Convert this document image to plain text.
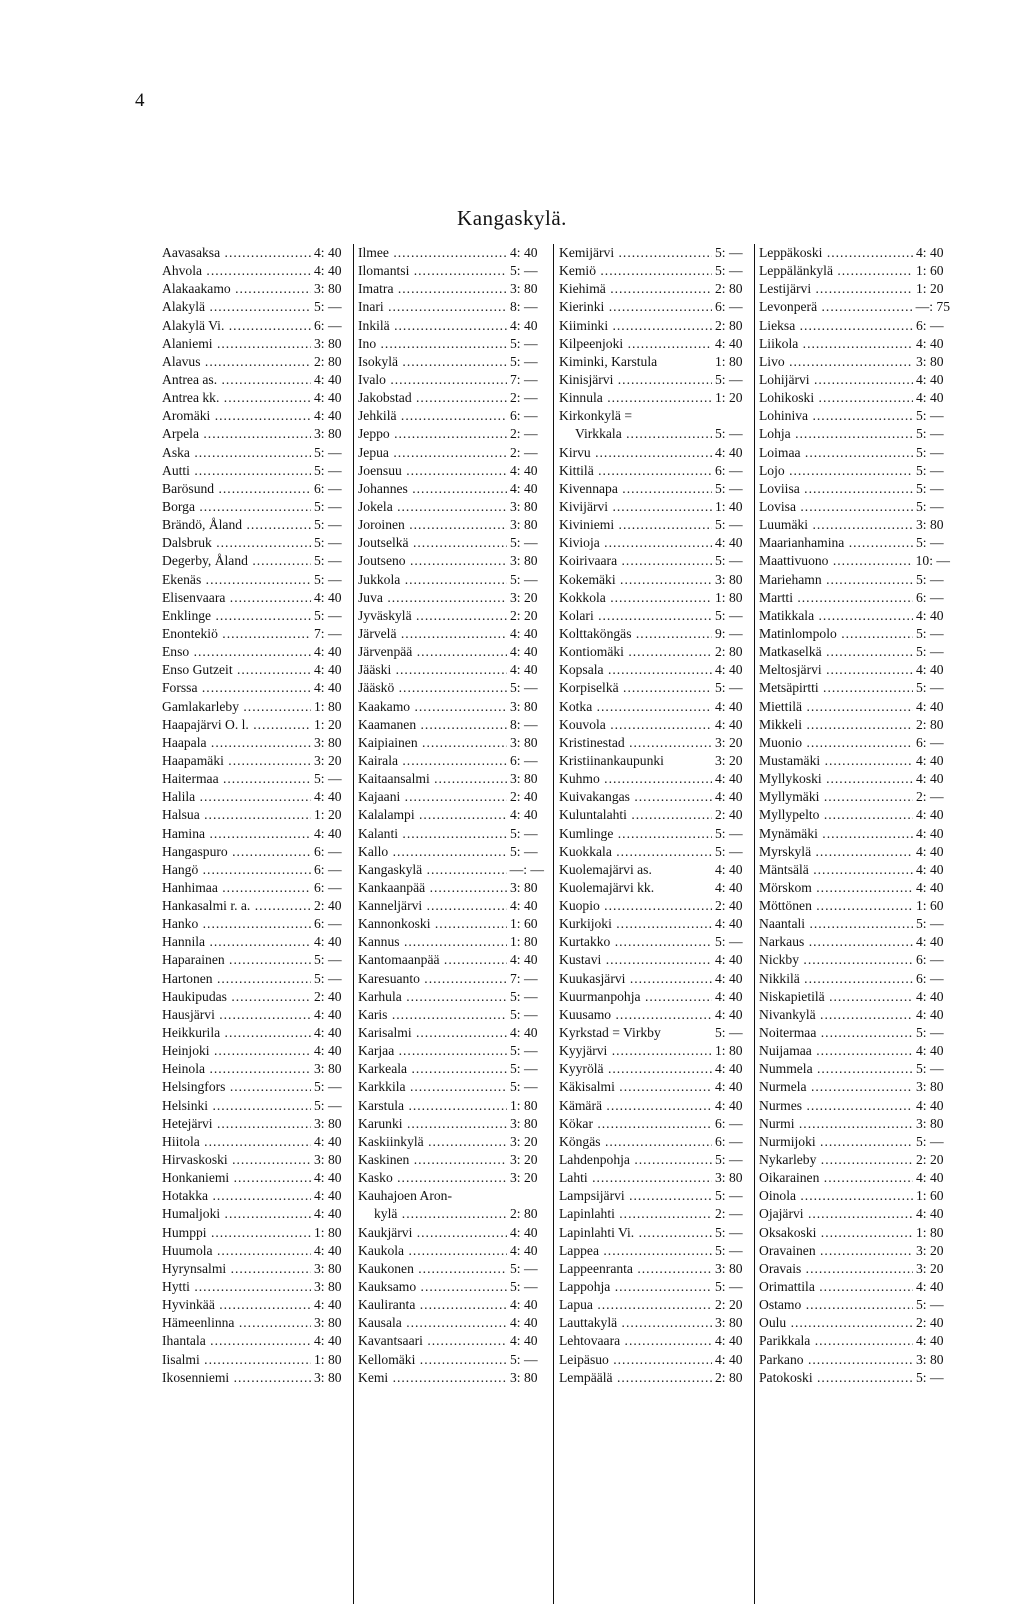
4
Kangaskylä.
Aavasaksa .....	4: 40
Ahvola .....	4: 40
Alakaakamo .....	3: 80
Alakylä .....	5: —
Alakylä Vi. .....	6: —
Alaniemi .....	3: 80
Alavus .....	2: 80
Antrea as. .....	4: 40
Antrea kk. .....	4: 40
Aromäki .....	4: 40
Arpela .....	3: 80
Aska .....	5: —
Autti .....	5: —
Barösund .....	6: —
Borga .....	5: —
Brändö, Åland .....	5: —
Dalsbruk .....	5: —
Degerby, Åland .....	5: —
Ekenäs .....	5: —
Elisenvaara .....	4: 40
Enklinge .....	5: —
Enontekiö .....	7: —
Enso .....	4: 40
Enso Gutzeit .....	4: 40
Forssa .....	4: 40
Gamlakarleby .....	1: 80
Haapajärvi O. l. .....	1: 20
Haapala .....	3: 80
Haapamäki .....	3: 20
Haitermaa .....	5: —
Halila .....	4: 40
Halsua .....	1: 20
Hamina .....	4: 40
Hangaspuro .....	6: —
Hangö .....	6: —
Hanhimaa .....	6: —
Hankasalmi r. a. .....	2: 40
Hanko .....	6: —
Hannila .....	4: 40
Haparainen .....	5: —
Hartonen .....	5: —
Haukipudas .....	2: 40
Hausjärvi .....	4: 40
Heikkurila .....	4: 40
Heinjoki .....	4: 40
Heinola .....	3: 80
Helsingfors .....	5: —
Helsinki .....	5: —
Hetejärvi .....	3: 80
Hiitola .....	4: 40
Hirvaskoski .....	3: 80
Honkaniemi .....	4: 40
Hotakka .....	4: 40
Humaljoki .....	4: 40
Humppi .....	1: 80
Huumola .....	4: 40
Hyrynsalmi .....	3: 80
Hytti .....	3: 80
Hyvinkää .....	4: 40
Hämeenlinna .....	3: 80
Ihantala .....	4: 40
Iisalmi .....	1: 80
Ikosenniemi .....	3: 80
Ilmee .....	4: 40
Ilomantsi .....	5: —
Imatra .....	3: 80
Inari .....	8: —
Inkilä .....	4: 40
Ino .....	5: —
Isokylä .....	5: —
Ivalo .....	7: —
Jakobstad .....	2: —
Jehkilä .....	6: —
Jeppo .....	2: —
Jepua .....	2: —
Joensuu .....	4: 40
Johannes .....	4: 40
Jokela .....	3: 80
Joroinen .....	3: 80
Joutselkä .....	5: —
Joutseno .....	3: 80
Jukkola .....	5: —
Juva .....	3: 20
Jyväskylä .....	2: 20
Järvelä .....	4: 40
Järvenpää .....	4: 40
Jääski .....	4: 40
Jääskö .....	5: —
Kaakamo .....	3: 80
Kaamanen .....	8: —
Kaipiainen .....	3: 80
Kairala .....	6: —
Kaitaansalmi .....	3: 80
Kajaani .....	2: 40
Kalalampi .....	4: 40
Kalanti .....	5: —
Kallo .....	5: —
Kangaskylä .....	—: —
Kankaanpää .....	3: 80
Kanneljärvi .....	4: 40
Kannonkoski .....	1: 60
Kannus .....	1: 80
Kantomaanpää .....	4: 40
Karesuanto .....	7: —
Karhula .....	5: —
Karis .....	5: —
Karisalmi .....	4: 40
Karjaa .....	5: —
Karkeala .....	5: —
Karkkila .....	5: —
Karstula .....	1: 80
Karunki .....	3: 80
Kaskiinkylä .....	3: 20
Kaskinen .....	3: 20
Kasko .....	3: 20
Kauhajoen Aron-
kylä .....	2: 80
Kaukjärvi .....	4: 40
Kaukola .....	4: 40
Kaukonen .....	5: —
Kauksamo .....	5: —
Kauliranta .....	4: 40
Kausala .....	4: 40
Kavantsaari .....	4: 40
Kellomäki .....	5: —
Kemi .....	3: 80
Kemijärvi .....	5: —
Kemiö .....	5: —
Kiehimä .....	2: 80
Kierinki .....	6: —
Kiiminki .....	2: 80
Kilpeenjoki .....	4: 40
Kiminki, Karstula	1: 80
Kinisjärvi .....	5: —
Kinnula .....	1: 20
Kirkonkylä =
Virkkala .....	5: —
Kirvu .....	4: 40
Kittilä .....	6: —
Kivennapa .....	5: —
Kivijärvi .....	1: 40
Kiviniemi .....	5: —
Kivioja .....	4: 40
Koirivaara .....	5: —
Kokemäki .....	3: 80
Kokkola .....	1: 80
Kolari .....	5: —
Kolttaköngäs .....	9: —
Kontiomäki .....	2: 80
Kopsala .....	4: 40
Korpiselkä .....	5: —
Kotka .....	4: 40
Kouvola .....	4: 40
Kristinestad .....	3: 20
Kristiinankaupunki	3: 20
Kuhmo .....	4: 40
Kuivakangas .....	4: 40
Kuluntalahti .....	2: 40
Kumlinge .....	5: —
Kuokkala .....	5: —
Kuolemajärvi as.	4: 40
Kuolemajärvi kk.	4: 40
Kuopio .....	2: 40
Kurkijoki .....	4: 40
Kurtakko .....	5: —
Kustavi .....	4: 40
Kuukasjärvi .....	4: 40
Kuurmanpohja .....	4: 40
Kuusamo .....	4: 40
Kyrkstad = Virkby	5: —
Kyyjärvi .....	1: 80
Kyyrölä .....	4: 40
Käkisalmi .....	4: 40
Kämärä .....	4: 40
Kökar .....	6: —
Köngäs .....	6: —
Lahdenpohja .....	5: —
Lahti .....	3: 80
Lampsijärvi .....	5: —
Lapinlahti .....	2: —
Lapinlahti Vi. .....	5: —
Lappea .....	5: —
Lappeenranta .....	3: 80
Lappohja .....	5: —
Lapua .....	2: 20
Lauttakylä .....	3: 80
Lehtovaara .....	4: 40
Leipäsuo .....	4: 40
Lempäälä .....	2: 80
Leppäkoski .....	4: 40
Leppälänkylä .....	1: 60
Lestijärvi .....	1: 20
Levonperä .....	—: 75
Lieksa .....	6: —
Liikola .....	4: 40
Livo .....	3: 80
Lohijärvi .....	4: 40
Lohikoski .....	4: 40
Lohiniva .....	5: —
Lohja .....	5: —
Loimaa .....	5: —
Lojo .....	5: —
Loviisa .....	5: —
Lovisa .....	5: —
Luumäki .....	3: 80
Maarianhamina .....	5: —
Maattivuono .....	10: —
Mariehamn .....	5: —
Martti .....	6: —
Matikkala .....	4: 40
Matinlompolo .....	5: —
Matkaselkä .....	5: —
Meltosjärvi .....	4: 40
Metsäpirtti .....	5: —
Miettilä .....	4: 40
Mikkeli .....	2: 80
Muonio .....	6: —
Mustamäki .....	4: 40
Myllykoski .....	4: 40
Myllymäki .....	2: —
Myllypelto .....	4: 40
Mynämäki .....	4: 40
Myrskylä .....	4: 40
Mäntsälä .....	4: 40
Mörskom .....	4: 40
Möttönen .....	1: 60
Naantali .....	5: —
Narkaus .....	4: 40
Nickby .....	6: —
Nikkilä .....	6: —
Niskapietilä .....	4: 40
Nivankylä .....	4: 40
Noitermaa .....	5: —
Nuijamaa .....	4: 40
Nummela .....	5: —
Nurmela .....	3: 80
Nurmes .....	4: 40
Nurmi .....	3: 80
Nurmijoki .....	5: —
Nykarleby .....	2: 20
Oikarainen .....	4: 40
Oinola .....	1: 60
Ojajärvi .....	4: 40
Oksakoski .....	1: 80
Oravainen .....	3: 20
Oravais .....	3: 20
Orimattila .....	4: 40
Ostamo .....	5: —
Oulu .....	2: 40
Parikkala .....	4: 40
Parkano .....	3: 80
Patokoski .....	5: —
